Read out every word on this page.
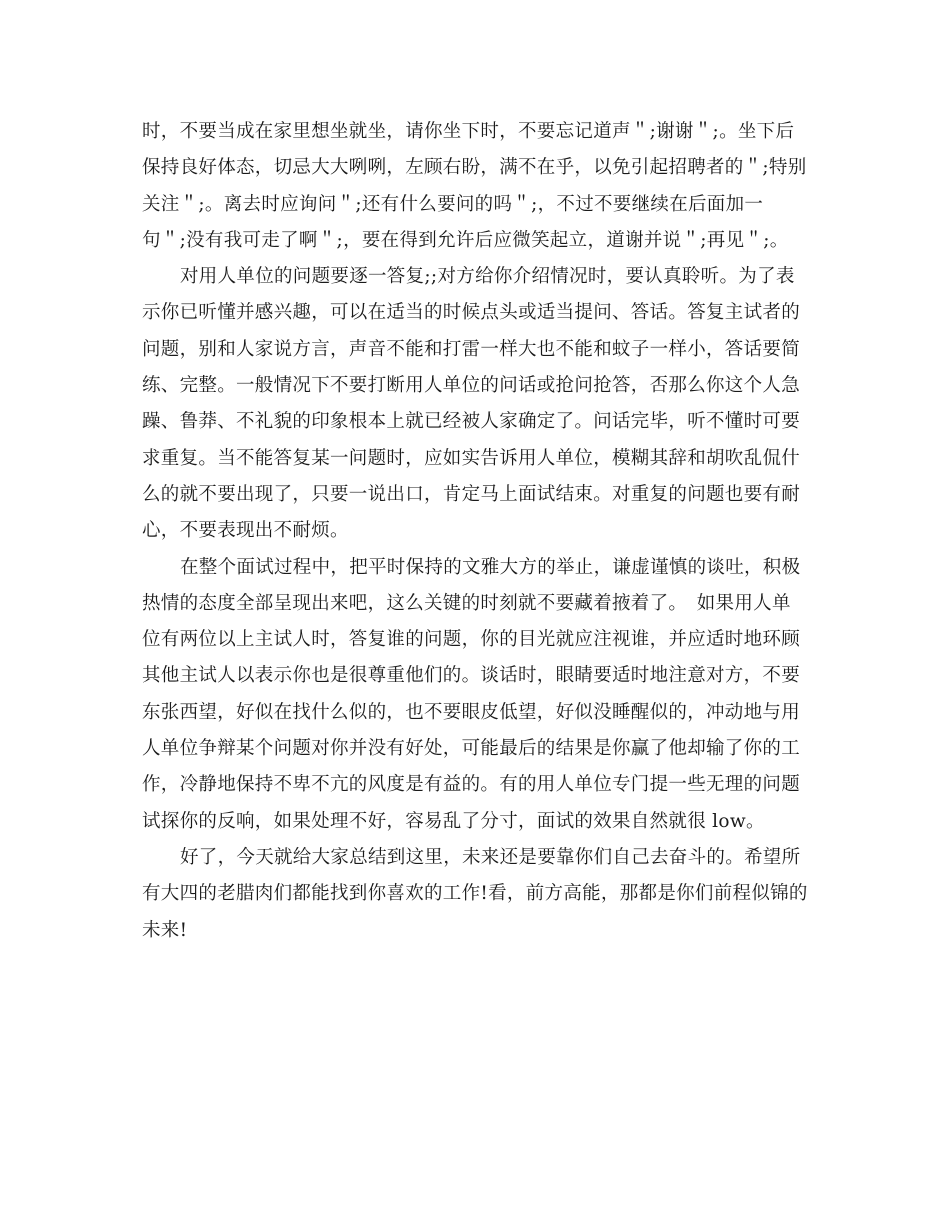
时，不要当成在家里想坐就坐，请你坐下时，不要忘记道声＂;谢谢＂;。坐下后
保持良好体态，切忌大大咧咧，左顾右盼，满不在乎，以免引起招聘者的＂;特别
关注＂;。离去时应询问＂;还有什么要问的吗＂;，不过不要继续在后面加一
句＂;没有我可走了啊＂;，要在得到允许后应微笑起立，道谢并说＂;再见＂;。
对用人单位的问题要逐一答复;;对方给你介绍情况时，要认真聆听。为了表
示你已听懂并感兴趣，可以在适当的时候点头或适当提问、答话。答复主试者的
问题，别和人家说方言，声音不能和打雷一样大也不能和蚊子一样小，答话要简
练、完整。一般情况下不要打断用人单位的问话或抢问抢答，否那么你这个人急
躁、鲁莽、不礼貌的印象根本上就已经被人家确定了。问话完毕，听不懂时可要
求重复。当不能答复某一问题时，应如实告诉用人单位，模糊其辞和胡吹乱侃什
么的就不要出现了，只要一说出口，肯定马上面试结束。对重复的问题也要有耐
心，不要表现出不耐烦。
在整个面试过程中，把平时保持的文雅大方的举止，谦虚谨慎的谈吐，积极
热情的态度全部呈现出来吧，这么关键的时刻就不要藏着掖着了。　如果用人单
位有两位以上主试人时，答复谁的问题，你的目光就应注视谁，并应适时地环顾
其他主试人以表示你也是很尊重他们的。谈话时，眼睛要适时地注意对方，不要
东张西望，好似在找什么似的，也不要眼皮低望，好似没睡醒似的，冲动地与用
人单位争辩某个问题对你并没有好处，可能最后的结果是你赢了他却输了你的工
作，冷静地保持不卑不亢的风度是有益的。有的用人单位专门提一些无理的问题
试探你的反响，如果处理不好，容易乱了分寸，面试的效果自然就很 low。
好了，今天就给大家总结到这里，未来还是要靠你们自己去奋斗的。希望所
有大四的老腊肉们都能找到你喜欢的工作!看，前方高能，那都是你们前程似锦的
未来!
